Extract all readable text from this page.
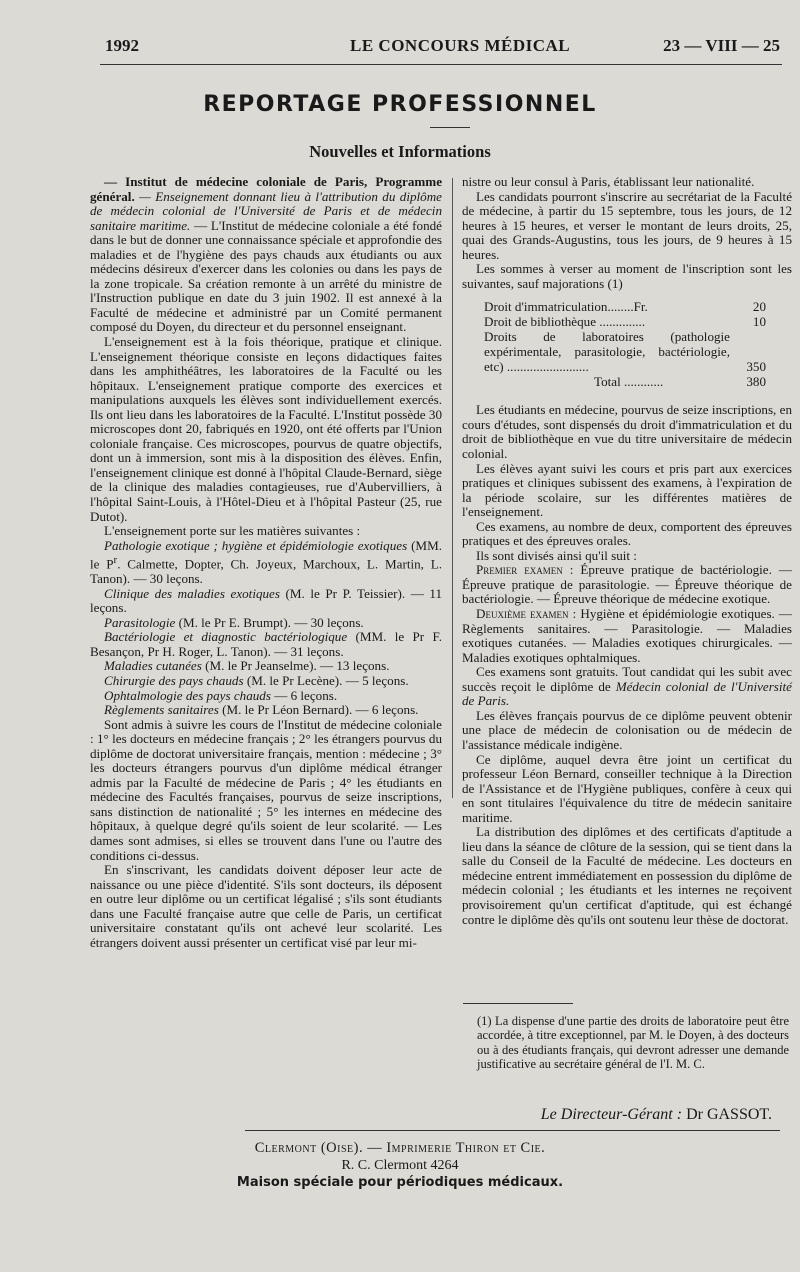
1992	LE CONCOURS MÉDICAL	23 — VIII — 25
REPORTAGE PROFESSIONNEL
Nouvelles et Informations

— Institut de médecine coloniale de Paris, Programme général. — Enseignement donnant lieu à l'attribution du diplôme de médecin colonial de l'Université de Paris et de médecin sanitaire maritime. — L'Institut de médecine coloniale a été fondé dans le but de donner une connaissance spéciale et approfondie des maladies et de l'hygiène des pays chauds aux étudiants ou aux médecins désireux d'exercer dans les colonies ou dans les pays de la zone tropicale. Sa création remonte à un arrêté du ministre de l'Instruction publique en date du 3 juin 1902. Il est annexé à la Faculté de médecine et administré par un Comité permanent composé du Doyen, du directeur et du personnel enseignant.

L'enseignement est à la fois théorique, pratique et clinique. L'enseignement théorique consiste en leçons didactiques faites dans les amphithéâtres, les laboratoires de la Faculté ou les hôpitaux. L'enseignement pratique comporte des exercices et manipulations auxquels les élèves sont individuellement exercés. Ils ont lieu dans les laboratoires de la Faculté. L'Institut possède 30 microscopes dont 20, fabriqués en 1920, ont été offerts par l'Union coloniale française. Ces microscopes, pourvus de quatre objectifs, dont un à immersion, sont mis à la disposition des élèves. Enfin, l'enseignement clinique est donné à l'hôpital Claude-Bernard, siège de la clinique des maladies contagieuses, rue d'Aubervilliers, à l'hôpital Saint-Louis, à l'Hôtel-Dieu et à l'hôpital Pasteur (25, rue Dutot).

L'enseignement porte sur les matières suivantes :

Pathologie exotique ; hygiène et épidémiologie exotiques (MM. le $P^r$. Calmette, Dopter, Ch. Joyeux, Marchoux, L. Martin, L. Tanon). — 30 leçons.

Clinique des maladies exotiques (M. le Pr P. Teissier). — 11 leçons.

Parasitologie (M. le Pr E. Brumpt). — 30 leçons.

Bactériologie et diagnostic bactériologique (MM. le Pr F. Besançon, Pr H. Roger, L. Tanon). — 31 leçons.

Maladies cutanées (M. le Pr Jeanselme). — 13 leçons.

Chirurgie des pays chauds (M. le Pr Lecène). — 5 leçons.

Ophtalmologie des pays chauds — 6 leçons.

Règlements sanitaires (M. le Pr Léon Bernard). — 6 leçons.

Sont admis à suivre les cours de l'Institut de médecine coloniale : 1° les docteurs en médecine français ; 2° les étrangers pourvus du diplôme de doctorat universitaire français, mention : médecine ; 3° les docteurs étrangers pourvus d'un diplôme médical étranger admis par la Faculté de médecine de Paris ; 4° les étudiants en médecine des Facultés françaises, pourvus de seize inscriptions, sans distinction de nationalité ; 5° les internes en médecine des hôpitaux, à quelque degré qu'ils soient de leur scolarité. — Les dames sont admises, si elles se trouvent dans l'une ou l'autre des conditions ci-dessus.

En s'inscrivant, les candidats doivent déposer leur acte de naissance ou une pièce d'identité. S'ils sont docteurs, ils déposent en outre leur diplôme ou un certificat légalisé ; s'ils sont étudiants dans une Faculté française autre que celle de Paris, un certificat universitaire constatant qu'ils ont achevé leur scolarité. Les étrangers doivent aussi présenter un certificat visé par leur mi-

nistre ou leur consul à Paris, établissant leur nationalité.

Les candidats pourront s'inscrire au secrétariat de la Faculté de médecine, à partir du 15 septembre, tous les jours, de 12 heures à 15 heures, et verser le montant de leurs droits, 25, quai des Grands-Augustins, tous les jours, de 9 heures à 15 heures.

Les sommes à verser au moment de l'inscription sont les suivantes, sauf majorations (1)

Droit d'immatriculation........Fr.	20
Droit de bibliothèque ..............	10
Droits de laboratoires (pathologie expérimentale, parasitologie, bactériologie, etc) .........................	350
Total ............	380

Les étudiants en médecine, pourvus de seize inscriptions, en cours d'études, sont dispensés du droit d'immatriculation et du droit de bibliothèque en vue du titre universitaire de médecin colonial.

Les élèves ayant suivi les cours et pris part aux exercices pratiques et cliniques subissent des examens, à l'expiration de la période scolaire, sur les différentes matières de l'enseignement.

Ces examens, au nombre de deux, comportent des épreuves pratiques et des épreuves orales.

Ils sont divisés ainsi qu'il suit :

Premier examen : Épreuve pratique de bactériologie. — Épreuve pratique de parasitologie. — Épreuve théorique de bactériologie. — Épreuve théorique de médecine exotique.

Deuxième examen : Hygiène et épidémiologie exotiques. — Règlements sanitaires. — Parasitologie. — Maladies exotiques cutanées. — Maladies exotiques chirurgicales. — Maladies exotiques ophtalmiques.

Ces examens sont gratuits. Tout candidat qui les subit avec succès reçoit le diplôme de Médecin colonial de l'Université de Paris.

Les élèves français pourvus de ce diplôme peuvent obtenir une place de médecin de colonisation ou de médecin de l'assistance médicale indigène.

Ce diplôme, auquel devra être joint un certificat du professeur Léon Bernard, conseiller technique à la Direction de l'Assistance et de l'Hygiène publiques, confère à ceux qui en sont titulaires l'équivalence du titre de médecin sanitaire maritime.

La distribution des diplômes et des certificats d'aptitude a lieu dans la séance de clôture de la session, qui se tient dans la salle du Conseil de la Faculté de médecine. Les docteurs en médecine entrent immédiatement en possession du diplôme de médecin colonial ; les étudiants et les internes ne reçoivent provisoirement qu'un certificat d'aptitude, qui est échangé contre le diplôme dès qu'ils ont soutenu leur thèse de doctorat.

(1) La dispense d'une partie des droits de laboratoire peut être accordée, à titre exceptionnel, par M. le Doyen, à des docteurs ou à des étudiants français, qui devront adresser une demande justificative au secrétaire général de l'I. M. C.
Le Directeur-Gérant : Dr GASSOT.
Clermont (Oise). — Imprimerie Thiron et Cie.
R. C. Clermont 4264
Maison spéciale pour périodiques médicaux.
